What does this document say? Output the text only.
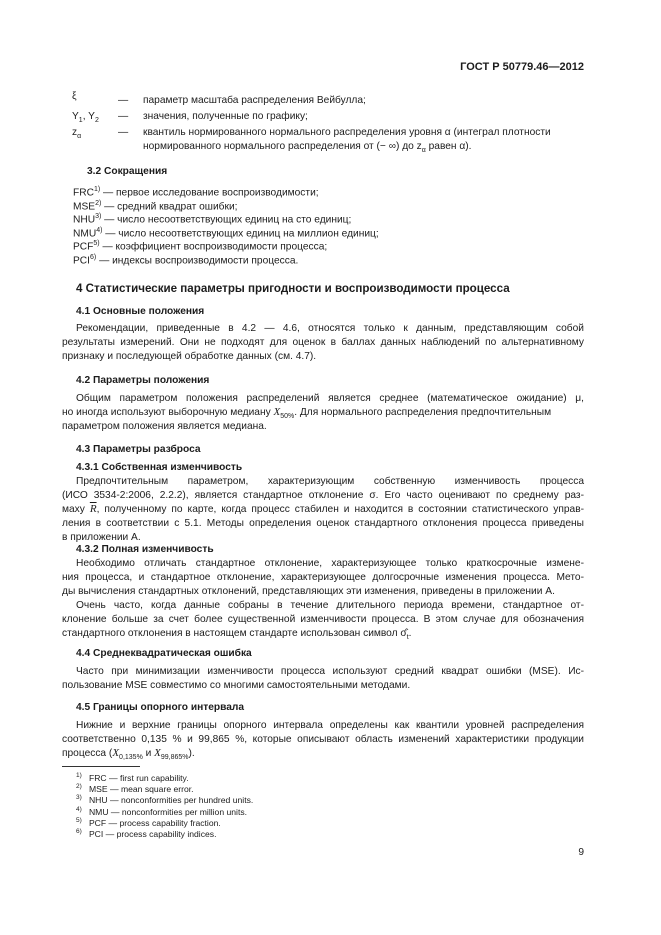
ГОСТ Р 50779.46—2012
ξ	— параметр масштаба распределения Вейбулла;
$Y_1$, $Y_2$ — значения, полученные по графику;
$z_\alpha$	— квантиль нормированного нормального распределения уровня α (интеграл плотности
нормированного нормального распределения от (− ∞) до $z_\alpha$ равен α).
3.2 Сокращения
FRC$^{1)}$ — первое исследование воспроизводимости;
MSE$^{2)}$ — средний квадрат ошибки;
NHU$^{3)}$ — число несоответствующих единиц на сто единиц;
NMU$^{4)}$ — число несоответствующих единиц на миллион единиц;
PCF$^{5)}$ — коэффициент воспроизводимости процесса;
PCI$^{6)}$ — индексы воспроизводимости процесса.
4 Статистические параметры пригодности и воспроизводимости процесса
4.1 Основные положения
Рекомендации, приведенные в 4.2 — 4.6, относятся только к данным, представляющим собой
результаты измерений. Они не подходят для оценок в баллах данных наблюдений по альтернативному
признаку и последующей обработке данных (см. 4.7).
4.2 Параметры положения
Общим параметром положения распределений является среднее (математическое ожидание) μ,
но иногда используют выборочную медиану $X_{50\%}$. Для нормального распределения предпочтительным
параметром положения является медиана.
4.3 Параметры разброса
4.3.1 Собственная изменчивость
Предпочтительным параметром, характеризующим собственную изменчивость процесса
(ИСО 3534-2:2006, 2.2.2), является стандартное отклонение σ. Его часто оценивают по среднему раз-
маху $\overline{R}$, полученному по карте, когда процесс стабилен и находится в состоянии статистического управ-
ления в соответствии с 5.1. Методы определения оценок стандартного отклонения процесса приведены
в приложении А.
4.3.2 Полная изменчивость
Необходимо отличать стандартное отклонение, характеризующее только краткосрочные измене-
ния процесса, и стандартное отклонение, характеризующее долгосрочные изменения процесса. Мето-
ды вычисления стандартных отклонений, представляющих эти изменения, приведены в приложении А.
Очень часто, когда данные собраны в течение длительного периода времени, стандартное от-
клонение больше за счет более существенной изменчивости процесса. В этом случае для обозначения
стандартного отклонения в настоящем стандарте использован символ $\sigmâ_t$.
4.4 Среднеквадратическая ошибка
Часто при минимизации изменчивости процесса используют средний квадрат ошибки (MSE). Ис-
пользование MSE совместимо со многими самостоятельными методами.
4.5 Границы опорного интервала
Нижние и верхние границы опорного интервала определены как квантили уровней распределения
соответственно 0,135 % и 99,865 %, которые описывают область изменений характеристики продукции
процесса ($X_{0,135\%}$ и $X_{99,865\%}$).
$^{1)}$ FRC — first run capability.
$^{2)}$ MSE — mean square error.
$^{3)}$ NHU — nonconformities per hundred units.
$^{4)}$ NMU — nonconformities per million units.
$^{5)}$ PCF — process capability fraction.
$^{6)}$ PCI — process capability indices.
9
